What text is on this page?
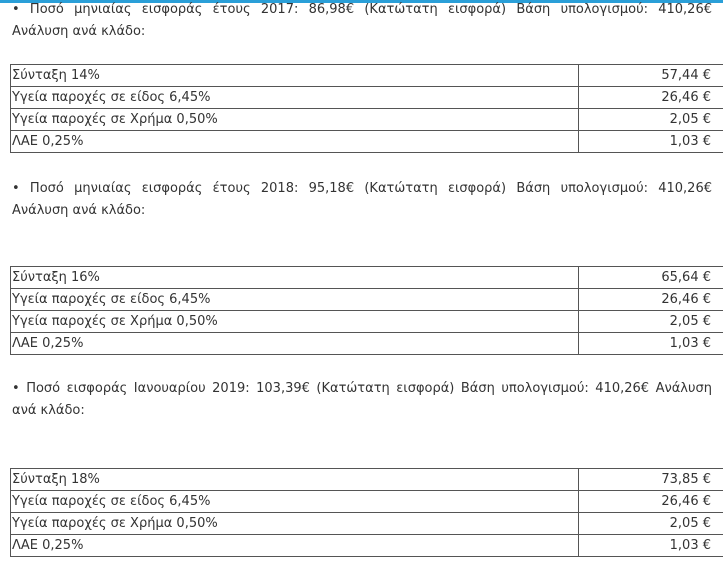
• Ποσό μηνιαίας εισφοράς έτους 2017: 86,98€ (Κατώτατη εισφορά) Βάση υπολογισμού: 410,26€
Ανάλυση ανά κλάδο:

Σύνταξη 14%	57,44 €
Υγεία παροχές σε είδος 6,45%	26,46 €
Υγεία παροχές σε Χρήμα 0,50%	2,05 €
ΛΑΕ 0,25%	1,03 €

• Ποσό μηνιαίας εισφοράς έτους 2018: 95,18€ (Κατώτατη εισφορά) Βάση υπολογισμού: 410,26€
Ανάλυση ανά κλάδο:

Σύνταξη 16%	65,64 €
Υγεία παροχές σε είδος 6,45%	26,46 €
Υγεία παροχές σε Χρήμα 0,50%	2,05 €
ΛΑΕ 0,25%	1,03 €

• Ποσό εισφοράς Ιανουαρίου 2019: 103,39€ (Κατώτατη εισφορά) Βάση υπολογισμού: 410,26€ Ανάλυση
ανά κλάδο:

Σύνταξη 18%	73,85 €
Υγεία παροχές σε είδος 6,45%	26,46 €
Υγεία παροχές σε Χρήμα 0,50%	2,05 €
ΛΑΕ 0,25%	1,03 €
